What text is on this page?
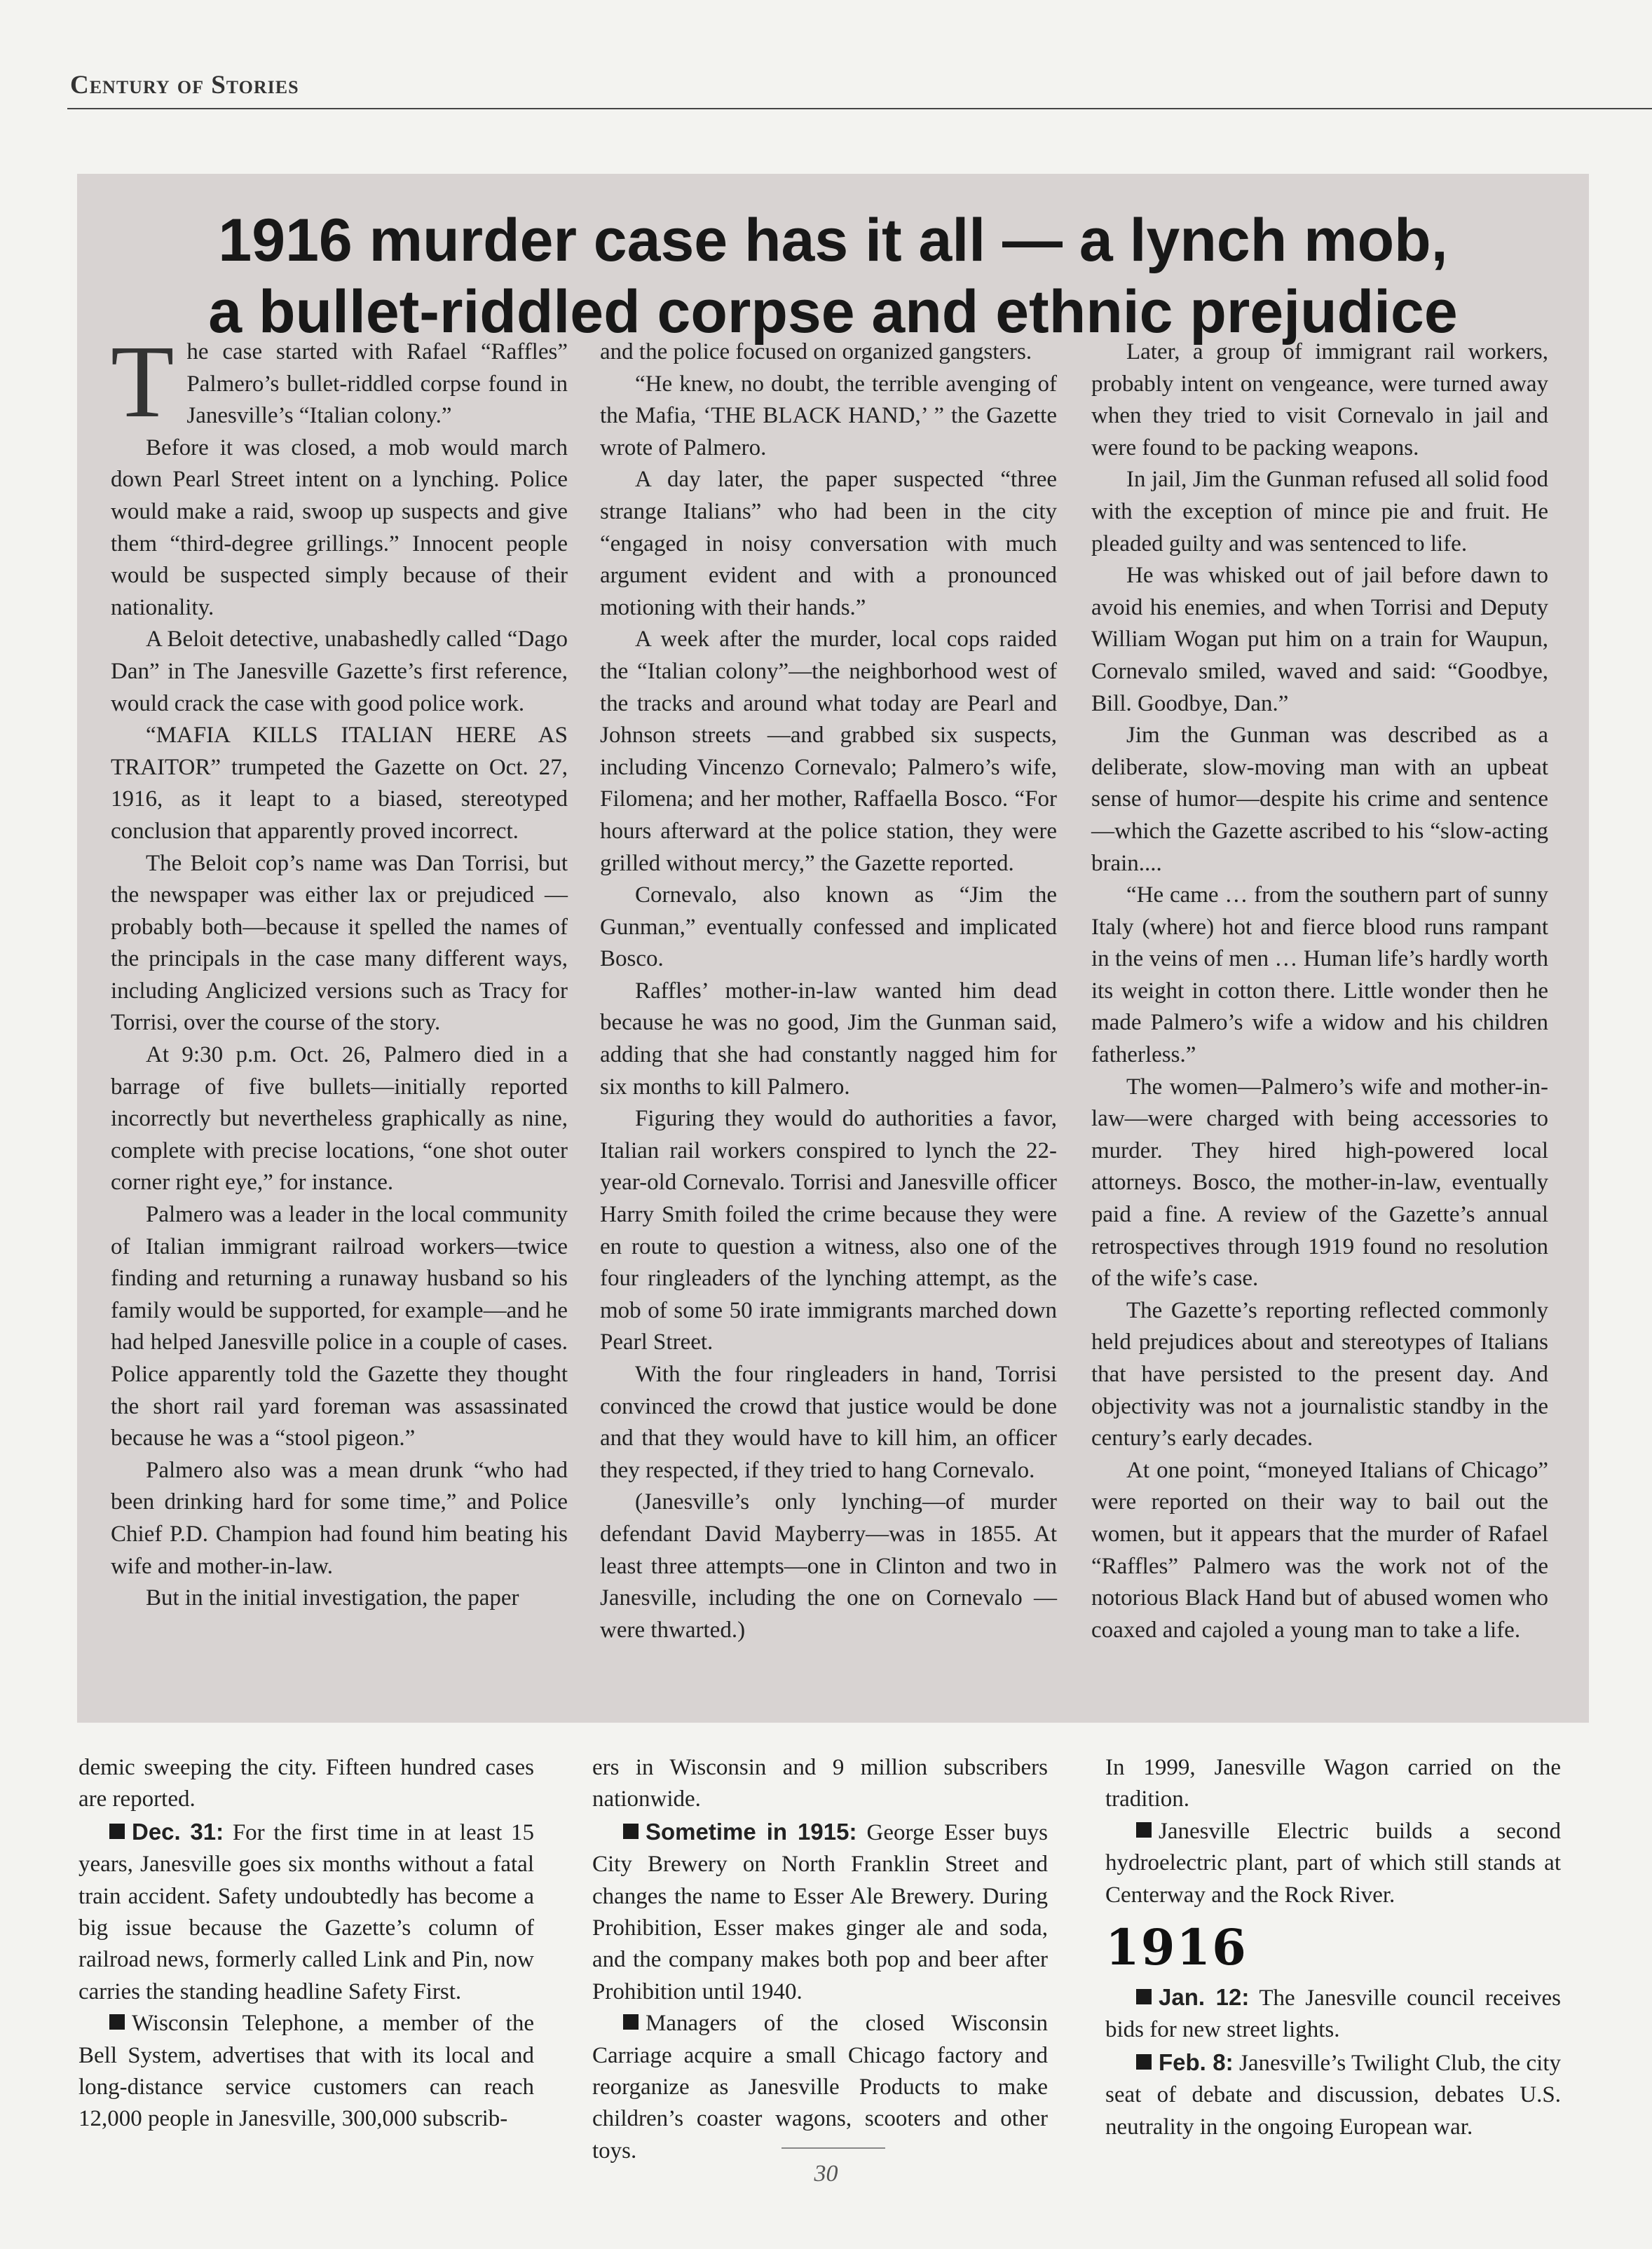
Century of Stories
1916 murder case has it all — a lynch mob,
a bullet-riddled corpse and ethnic prejudice

The case started with Rafael “Raffles” Palmero’s bullet-riddled corpse found in Janesville’s “Italian colony.”

Before it was closed, a mob would march down Pearl Street intent on a lynching. Police would make a raid, swoop up suspects and give them “third-degree grillings.” Innocent people would be suspected simply because of their nationality.

A Beloit detective, unabashedly called “Dago Dan” in The Janesville Gazette’s first reference, would crack the case with good police work.

“MAFIA KILLS ITALIAN HERE AS TRAITOR” trumpeted the Gazette on Oct. 27, 1916, as it leapt to a biased, stereotyped conclusion that apparently proved incorrect.

The Beloit cop’s name was Dan Torrisi, but the newspaper was either lax or prejudiced —probably both—because it spelled the names of the principals in the case many different ways, including Anglicized versions such as Tracy for Torrisi, over the course of the story.

At 9:30 p.m. Oct. 26, Palmero died in a barrage of five bullets—initially reported incorrectly but nevertheless graphically as nine, complete with precise locations, “one shot outer corner right eye,” for instance.

Palmero was a leader in the local community of Italian immigrant railroad workers—twice finding and returning a runaway husband so his family would be supported, for example—and he had helped Janesville police in a couple of cases. Police apparently told the Gazette they thought the short rail yard foreman was assassinated because he was a “stool pigeon.”

Palmero also was a mean drunk “who had been drinking hard for some time,” and Police Chief P.D. Champion had found him beating his wife and mother-in-law.

But in the initial investigation, the paper

and the police focused on organized gangsters.

“He knew, no doubt, the terrible avenging of the Mafia, ‘THE BLACK HAND,’ ” the Gazette wrote of Palmero.

A day later, the paper suspected “three strange Italians” who had been in the city “engaged in noisy conversation with much argument evident and with a pronounced motioning with their hands.”

A week after the murder, local cops raided the “Italian colony”—the neighborhood west of the tracks and around what today are Pearl and Johnson streets —and grabbed six suspects, including Vincenzo Cornevalo; Palmero’s wife, Filomena; and her mother, Raffaella Bosco. “For hours afterward at the police station, they were grilled without mercy,” the Gazette reported.

Cornevalo, also known as “Jim the Gunman,” eventually confessed and implicated Bosco.

Raffles’ mother-in-law wanted him dead because he was no good, Jim the Gunman said, adding that she had constantly nagged him for six months to kill Palmero.

Figuring they would do authorities a favor, Italian rail workers conspired to lynch the 22-year-old Cornevalo. Torrisi and Janesville officer Harry Smith foiled the crime because they were en route to question a witness, also one of the four ringleaders of the lynching attempt, as the mob of some 50 irate immigrants marched down Pearl Street.

With the four ringleaders in hand, Torrisi convinced the crowd that justice would be done and that they would have to kill him, an officer they respected, if they tried to hang Cornevalo.

(Janesville’s only lynching—of murder defendant David Mayberry—was in 1855. At least three attempts—one in Clinton and two in Janesville, including the one on Cornevalo —were thwarted.)

Later, a group of immigrant rail workers, probably intent on vengeance, were turned away when they tried to visit Cornevalo in jail and were found to be packing weapons.

In jail, Jim the Gunman refused all solid food with the exception of mince pie and fruit. He pleaded guilty and was sentenced to life.

He was whisked out of jail before dawn to avoid his enemies, and when Torrisi and Deputy William Wogan put him on a train for Waupun, Cornevalo smiled, waved and said: “Goodbye, Bill. Goodbye, Dan.”

Jim the Gunman was described as a deliberate, slow-moving man with an upbeat sense of humor—despite his crime and sentence—which the Gazette ascribed to his “slow-acting brain....

“He came … from the southern part of sunny Italy (where) hot and fierce blood runs rampant in the veins of men … Human life’s hardly worth its weight in cotton there. Little wonder then he made Palmero’s wife a widow and his children fatherless.”

The women—Palmero’s wife and mother-in-law—were charged with being accessories to murder. They hired high-powered local attorneys. Bosco, the mother-in-law, eventually paid a fine. A review of the Gazette’s annual retrospectives through 1919 found no resolution of the wife’s case.

The Gazette’s reporting reflected commonly held prejudices about and stereotypes of Italians that have persisted to the present day. And objectivity was not a journalistic standby in the century’s early decades.

At one point, “moneyed Italians of Chicago” were reported on their way to bail out the women, but it appears that the murder of Rafael “Raffles” Palmero was the work not of the notorious Black Hand but of abused women who coaxed and cajoled a young man to take a life.

demic sweeping the city. Fifteen hundred cases are reported.

Dec. 31: For the first time in at least 15 years, Janesville goes six months without a fatal train accident. Safety undoubtedly has become a big issue because the Gazette’s column of railroad news, formerly called Link and Pin, now carries the standing headline Safety First.

Wisconsin Telephone, a member of the Bell System, advertises that with its local and long-distance service customers can reach 12,000 people in Janesville, 300,000 subscrib-

ers in Wisconsin and 9 million subscribers nationwide.

Sometime in 1915: George Esser buys City Brewery on North Franklin Street and changes the name to Esser Ale Brewery. During Prohibition, Esser makes ginger ale and soda, and the company makes both pop and beer after Prohibition until 1940.

Managers of the closed Wisconsin Carriage acquire a small Chicago factory and reorganize as Janesville Products to make children’s coaster wagons, scooters and other toys.

In 1999, Janesville Wagon carried on the tradition.

Janesville Electric builds a second hydroelectric plant, part of which still stands at Centerway and the Rock River.

1916

Jan. 12: The Janesville council receives bids for new street lights.

Feb. 8: Janesville’s Twilight Club, the city seat of debate and discussion, debates U.S. neutrality in the ongoing European war.

30
